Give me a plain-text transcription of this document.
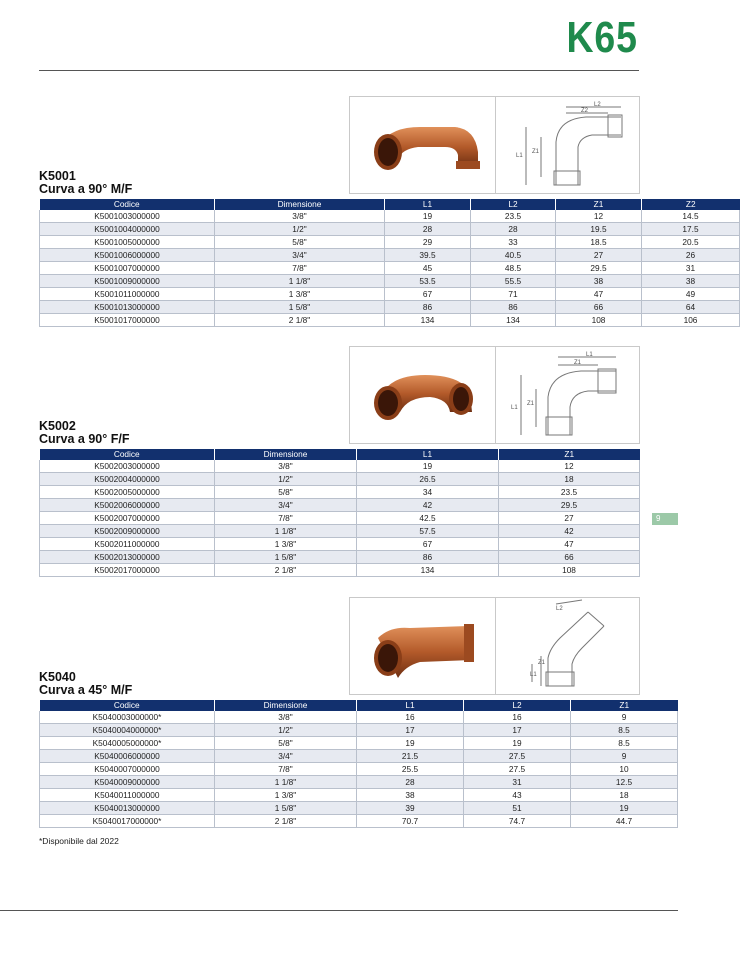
K65
9
L2
Z2
L1
Z1
K5001
Curva a 90° M/F
Codice	Dimensione	L1	L2	Z1	Z2
K5001003000000	3/8"	19	23.5	12	14.5
K5001004000000	1/2"	28	28	19.5	17.5
K5001005000000	5/8"	29	33	18.5	20.5
K5001006000000	3/4"	39.5	40.5	27	26
K5001007000000	7/8"	45	48.5	29.5	31
K5001009000000	1 1/8"	53.5	55.5	38	38
K5001011000000	1 3/8"	67	71	47	49
K5001013000000	1 5/8"	86	86	66	64
K5001017000000	2 1/8"	134	134	108	106
L1
Z1
L1
Z1
K5002
Curva a 90° F/F
Codice	Dimensione	L1	Z1
K5002003000000	3/8"	19	12
K5002004000000	1/2"	26.5	18
K5002005000000	5/8"	34	23.5
K5002006000000	3/4"	42	29.5
K5002007000000	7/8"	42.5	27
K5002009000000	1 1/8"	57.5	42
K5002011000000	1 3/8"	67	47
K5002013000000	1 5/8"	86	66
K5002017000000	2 1/8"	134	108
L2
Z1
L1
K5040
Curva a 45° M/F
Codice	Dimensione	L1	L2	Z1
K5040003000000*	3/8"	16	16	9
K5040004000000*	1/2"	17	17	8.5
K5040005000000*	5/8"	19	19	8.5
K5040006000000	3/4"	21.5	27.5	9
K5040007000000	7/8"	25.5	27.5	10
K5040009000000	1 1/8"	28	31	12.5
K5040011000000	1 3/8"	38	43	18
K5040013000000	1 5/8"	39	51	19
K5040017000000*	2 1/8"	70.7	74.7	44.7
*Disponibile dal 2022
